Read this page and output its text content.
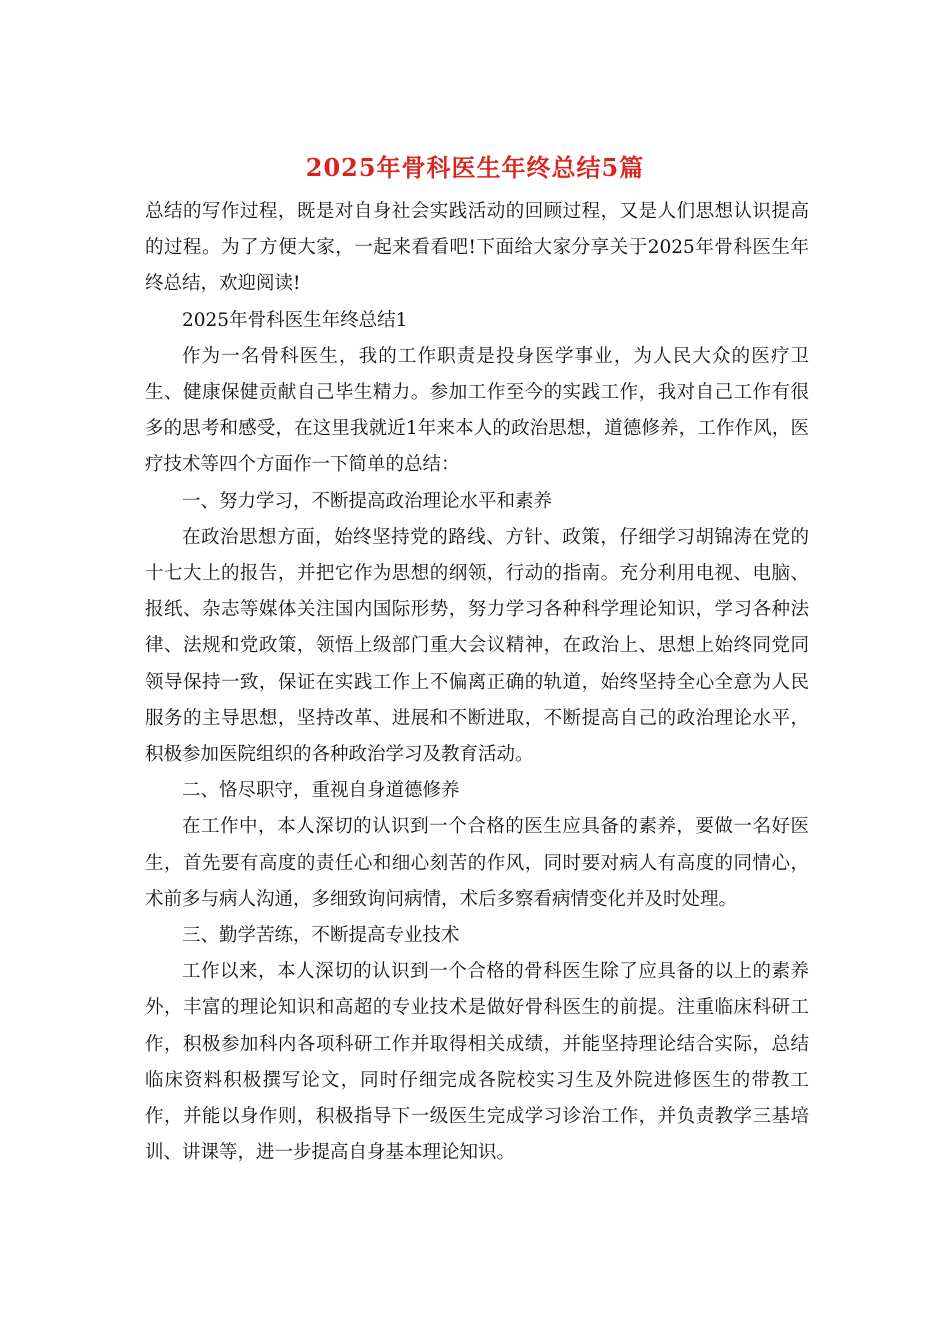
2025年骨科医生年终总结5篇

总结的写作过程，既是对自身社会实践活动的回顾过程，又是人们思想认识提高的过程。为了方便大家，一起来看看吧!下面给大家分享关于2025年骨科医生年终总结，欢迎阅读!

2025年骨科医生年终总结1

作为一名骨科医生，我的工作职责是投身医学事业，为人民大众的医疗卫生、健康保健贡献自己毕生精力。参加工作至今的实践工作，我对自己工作有很多的思考和感受，在这里我就近1年来本人的政治思想，道德修养，工作作风，医疗技术等四个方面作一下简单的总结：

一、努力学习，不断提高政治理论水平和素养

在政治思想方面，始终坚持党的路线、方针、政策，仔细学习胡锦涛在党的十七大上的报告，并把它作为思想的纲领，行动的指南。充分利用电视、电脑、报纸、杂志等媒体关注国内国际形势，努力学习各种科学理论知识，学习各种法律、法规和党政策，领悟上级部门重大会议精神，在政治上、思想上始终同党同领导保持一致，保证在实践工作上不偏离正确的轨道，始终坚持全心全意为人民服务的主导思想，坚持改革、进展和不断进取，不断提高自己的政治理论水平，积极参加医院组织的各种政治学习及教育活动。

二、恪尽职守，重视自身道德修养

在工作中，本人深切的认识到一个合格的医生应具备的素养，要做一名好医生，首先要有高度的责任心和细心刻苦的作风，同时要对病人有高度的同情心，术前多与病人沟通，多细致询问病情，术后多察看病情变化并及时处理。

三、勤学苦练，不断提高专业技术

工作以来，本人深切的认识到一个合格的骨科医生除了应具备的以上的素养外，丰富的理论知识和高超的专业技术是做好骨科医生的前提。注重临床科研工作，积极参加科内各项科研工作并取得相关成绩，并能坚持理论结合实际，总结临床资料积极撰写论文，同时仔细完成各院校实习生及外院进修医生的带教工作，并能以身作则，积极指导下一级医生完成学习诊治工作，并负责教学三基培训、讲课等，进一步提高自身基本理论知识。
